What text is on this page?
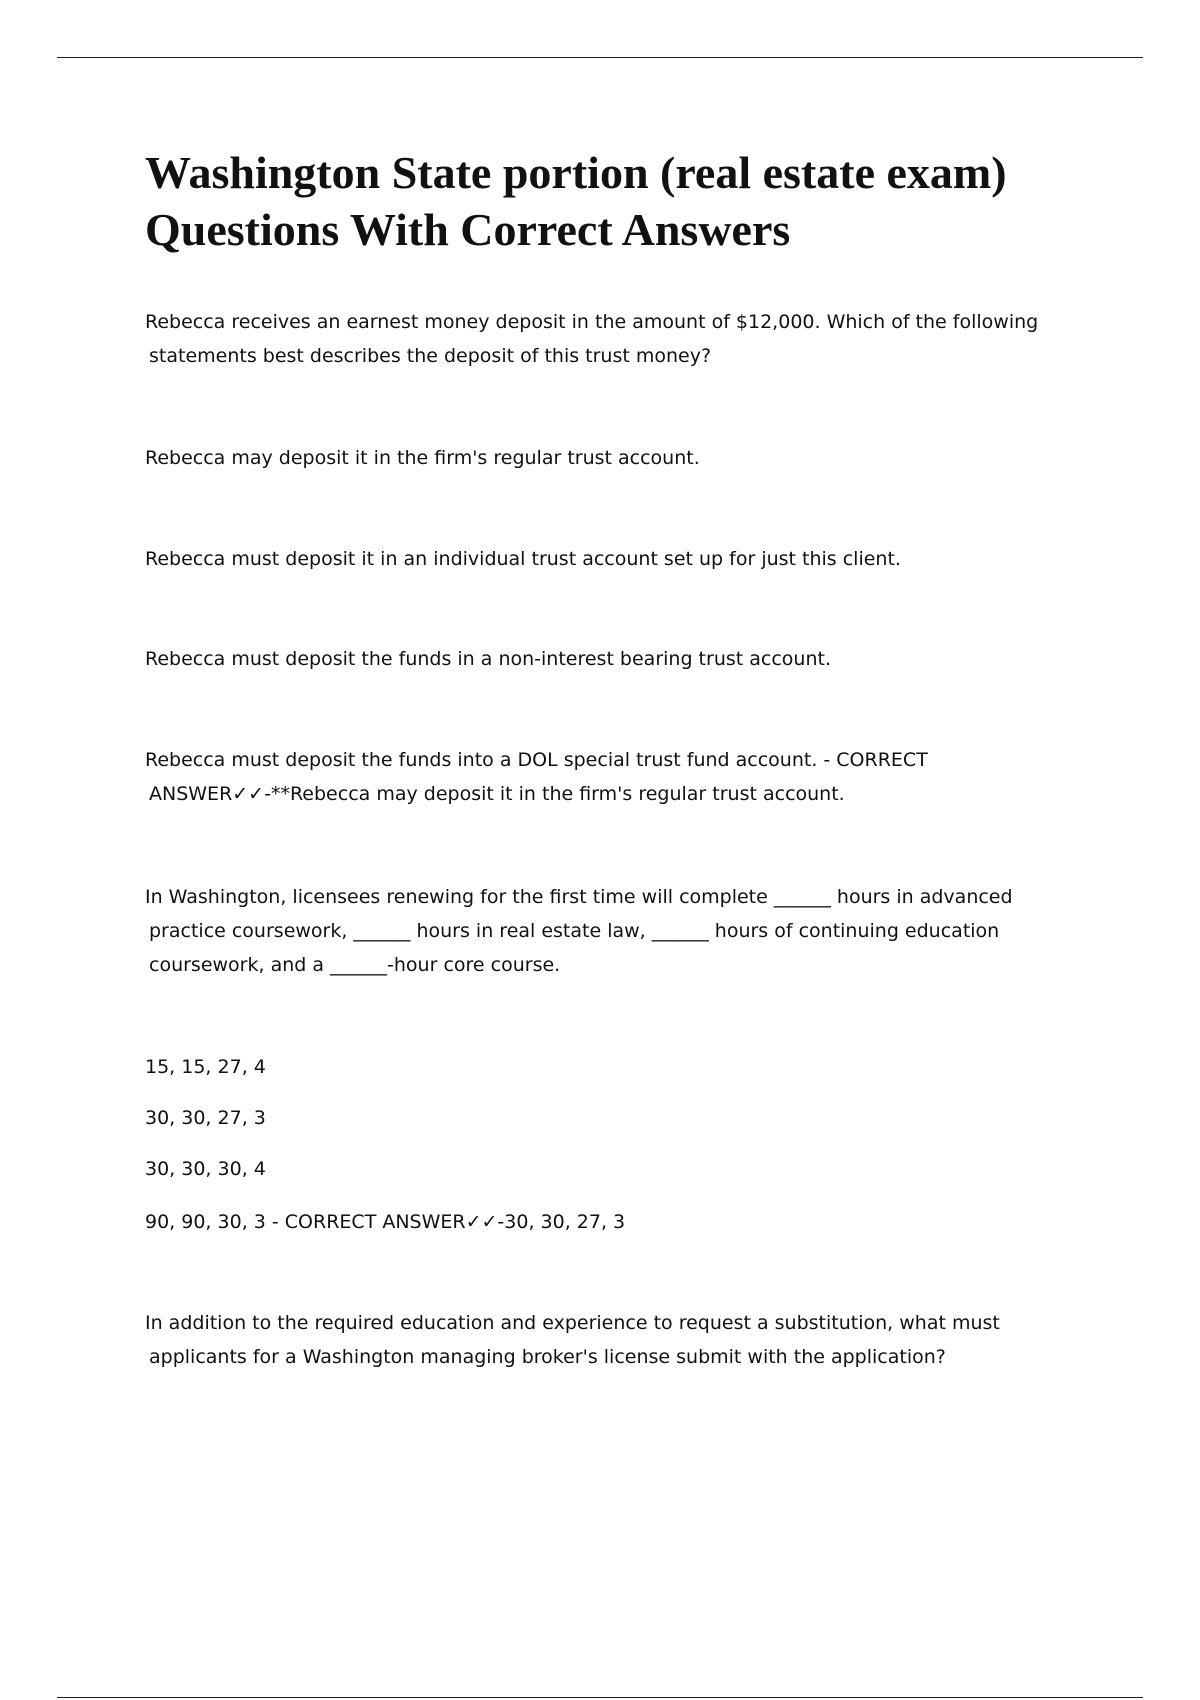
Washington State portion (real estate exam)
Questions With Correct Answers

Rebecca receives an earnest money deposit in the amount of $12,000. Which of the following
statements best describes the deposit of this trust money?

Rebecca may deposit it in the firm's regular trust account.

Rebecca must deposit it in an individual trust account set up for just this client.

Rebecca must deposit the funds in a non-interest bearing trust account.

Rebecca must deposit the funds into a DOL special trust fund account. - CORRECT
ANSWER✓✓-**Rebecca may deposit it in the firm's regular trust account.

In Washington, licensees renewing for the first time will complete ______ hours in advanced
practice coursework, ______ hours in real estate law, ______ hours of continuing education
coursework, and a ______-hour core course.

15, 15, 27, 4

30, 30, 27, 3

30, 30, 30, 4

90, 90, 30, 3 - CORRECT ANSWER✓✓-30, 30, 27, 3

In addition to the required education and experience to request a substitution, what must
applicants for a Washington managing broker's license submit with the application?
